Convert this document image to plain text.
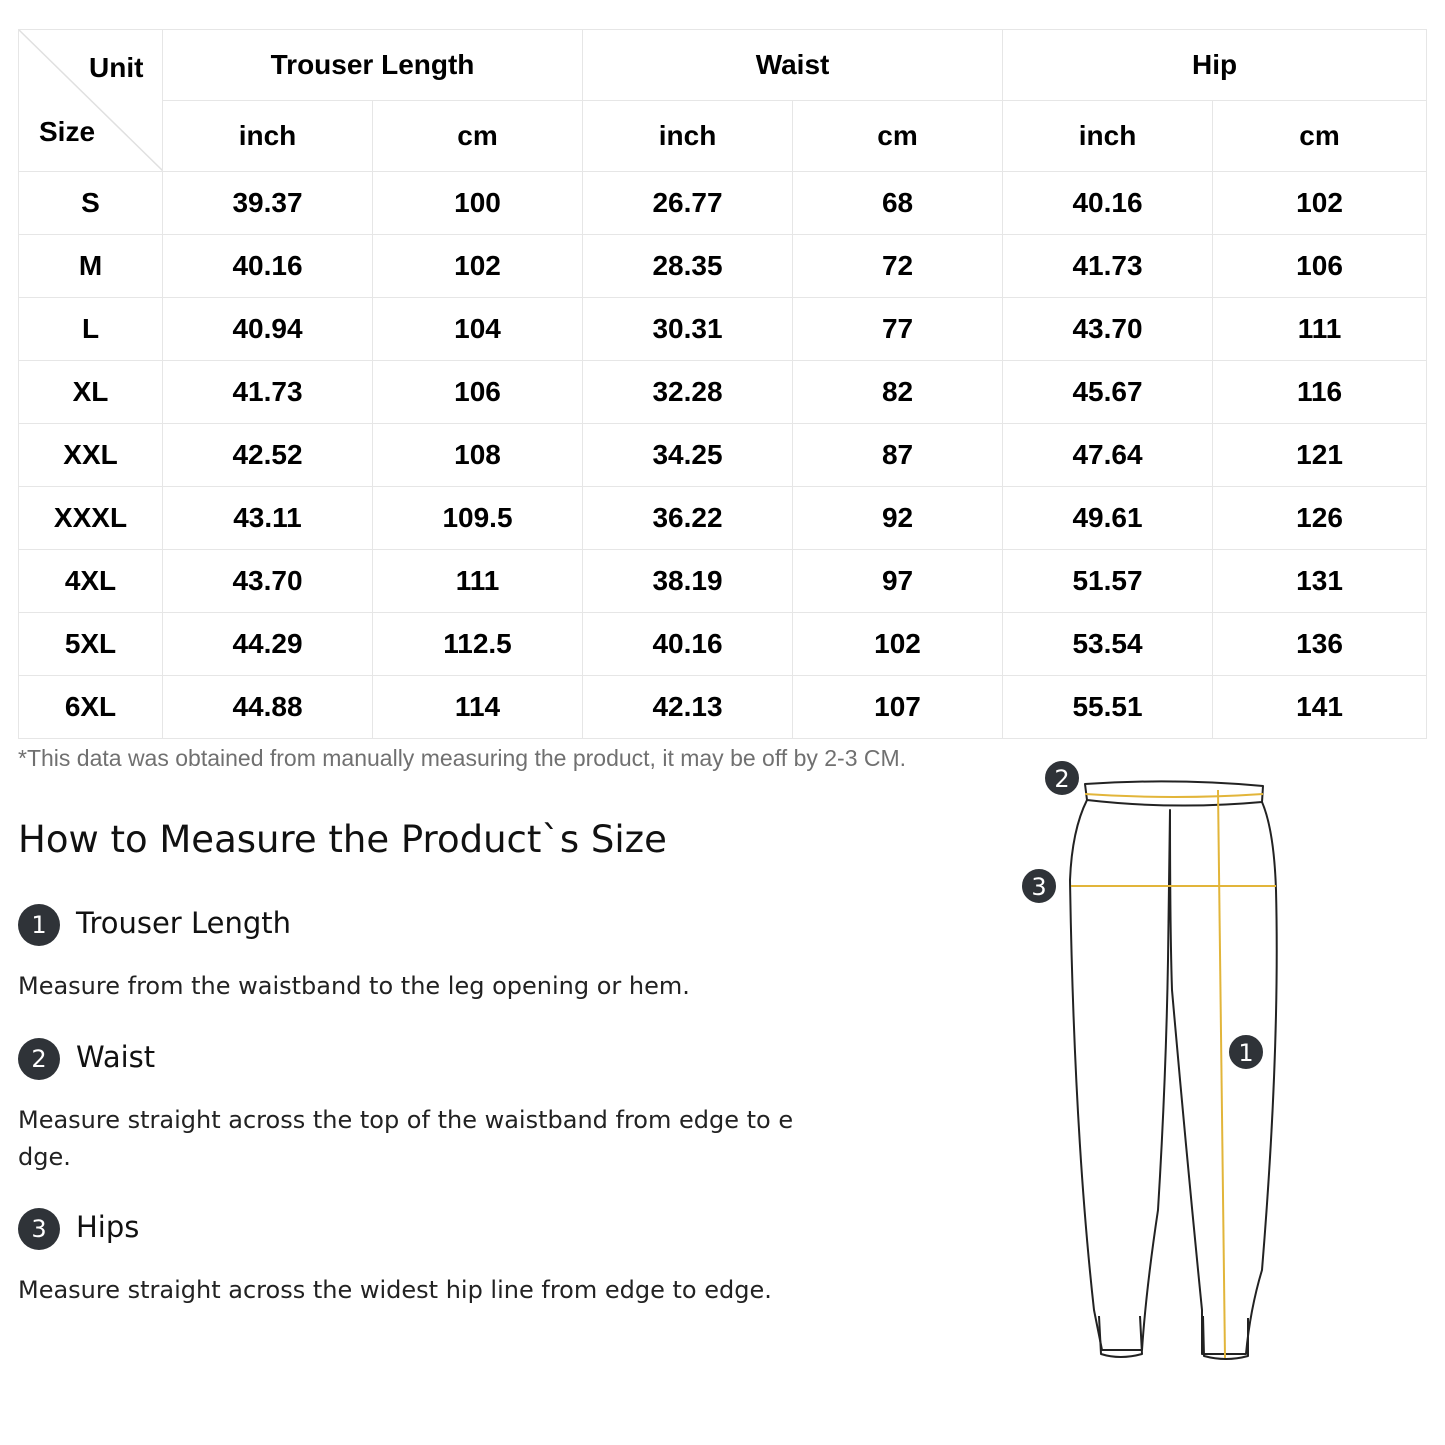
Unit
Size	Trouser Length		Waist		Hip	
	inch	cm	inch	cm	inch	cm
S	39.37	100	26.77	68	40.16	102
M	40.16	102	28.35	72	41.73	106
L	40.94	104	30.31	77	43.70	111
XL	41.73	106	32.28	82	45.67	116
XXL	42.52	108	34.25	87	47.64	121
XXXL	43.11	109.5	36.22	92	49.61	126
4XL	43.70	111	38.19	97	51.57	131
5XL	44.29	112.5	40.16	102	53.54	136
6XL	44.88	114	42.13	107	55.51	141
*This data was obtained from manually measuring the product, it may be off by 2-3 CM.
How to Measure the Product`s Size
1	Trouser Length
Measure from the waistband to the leg opening or hem.
2	Waist
Measure straight across the top of the waistband from edge to edge.
3	Hips
Measure straight across the widest hip line from edge to edge.
2
3
1
